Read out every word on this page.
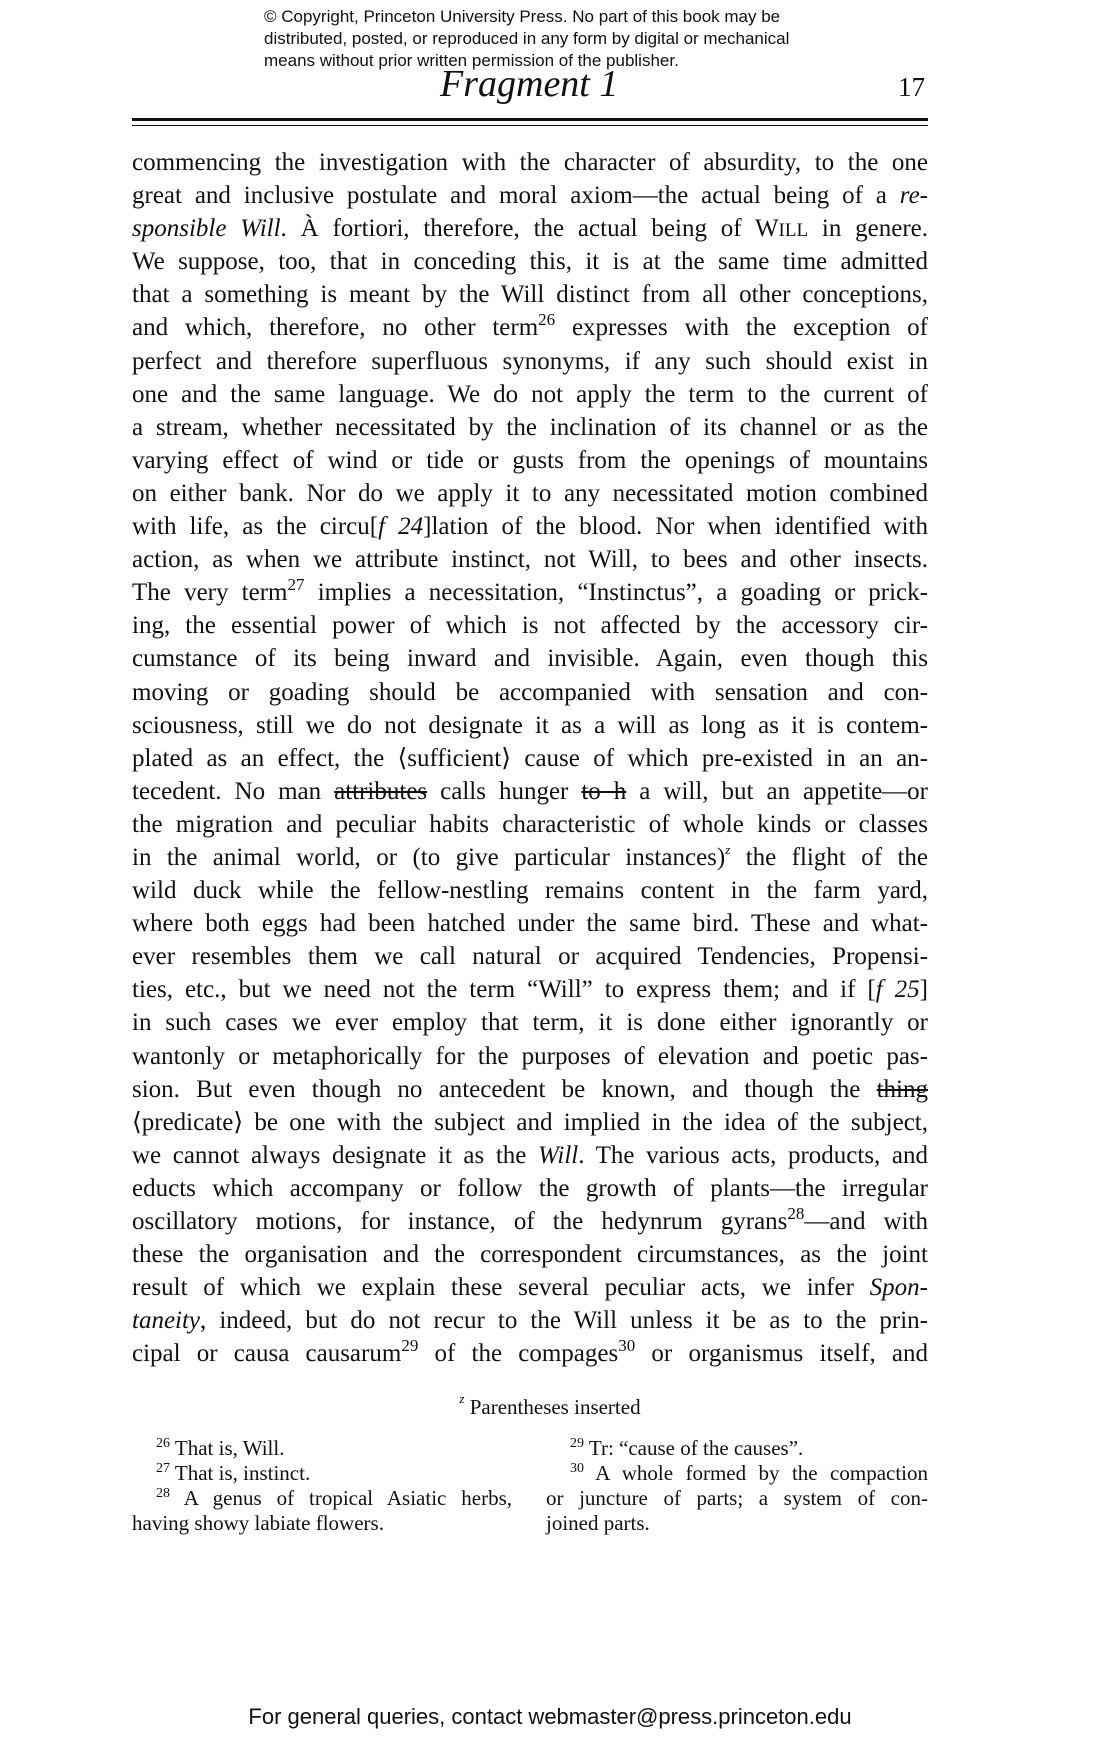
© Copyright, Princeton University Press. No part of this book may be
distributed, posted, or reproduced in any form by digital or mechanical
means without prior written permission of the publisher.
Fragment 1	17
commencing the investigation with the character of absurdity, to the one
great and inclusive postulate and moral axiom—the actual being of a re-
sponsible Will. À fortiori, therefore, the actual being of WILL in genere.
We suppose, too, that in conceding this, it is at the same time admitted
that a something is meant by the Will distinct from all other conceptions,
and which, therefore, no other term$^{26}$ expresses with the exception of
perfect and therefore superfluous synonyms, if any such should exist in
one and the same language. We do not apply the term to the current of
a stream, whether necessitated by the inclination of its channel or as the
varying effect of wind or tide or gusts from the openings of mountains
on either bank. Nor do we apply it to any necessitated motion combined
with life, as the circu[f 24]lation of the blood. Nor when identified with
action, as when we attribute instinct, not Will, to bees and other insects.
The very term$^{27}$ implies a necessitation, “Instinctus”, a goading or prick-
ing, the essential power of which is not affected by the accessory cir-
cumstance of its being inward and invisible. Again, even though this
moving or goading should be accompanied with sensation and con-
sciousness, still we do not designate it as a will as long as it is contem-
plated as an effect, the ⟨sufficient⟩ cause of which pre-existed in an an-
tecedent. No man attributes calls hunger to h a will, but an appetite—or
the migration and peculiar habits characteristic of whole kinds or classes
in the animal world, or (to give particular instances)$^z$ the flight of the
wild duck while the fellow-nestling remains content in the farm yard,
where both eggs had been hatched under the same bird. These and what-
ever resembles them we call natural or acquired Tendencies, Propensi-
ties, etc., but we need not the term “Will” to express them; and if [f 25]
in such cases we ever employ that term, it is done either ignorantly or
wantonly or metaphorically for the purposes of elevation and poetic pas-
sion. But even though no antecedent be known, and though the thing
⟨predicate⟩ be one with the subject and implied in the idea of the subject,
we cannot always designate it as the Will. The various acts, products, and
educts which accompany or follow the growth of plants—the irregular
oscillatory motions, for instance, of the hedynrum gyrans$^{28}$—and with
these the organisation and the correspondent circumstances, as the joint
result of which we explain these several peculiar acts, we infer Spon-
taneity, indeed, but do not recur to the Will unless it be as to the prin-
cipal or causa causarum$^{29}$ of the compages$^{30}$ or organismus itself, and
$^z$ Parentheses inserted
$^{26}$ That is, Will.
$^{27}$ That is, instinct.
$^{28}$ A genus of tropical Asiatic herbs,
having showy labiate flowers.
$^{29}$ Tr: “cause of the causes”.
$^{30}$ A whole formed by the compaction
or juncture of parts; a system of con-
joined parts.
For general queries, contact webmaster@press.princeton.edu
